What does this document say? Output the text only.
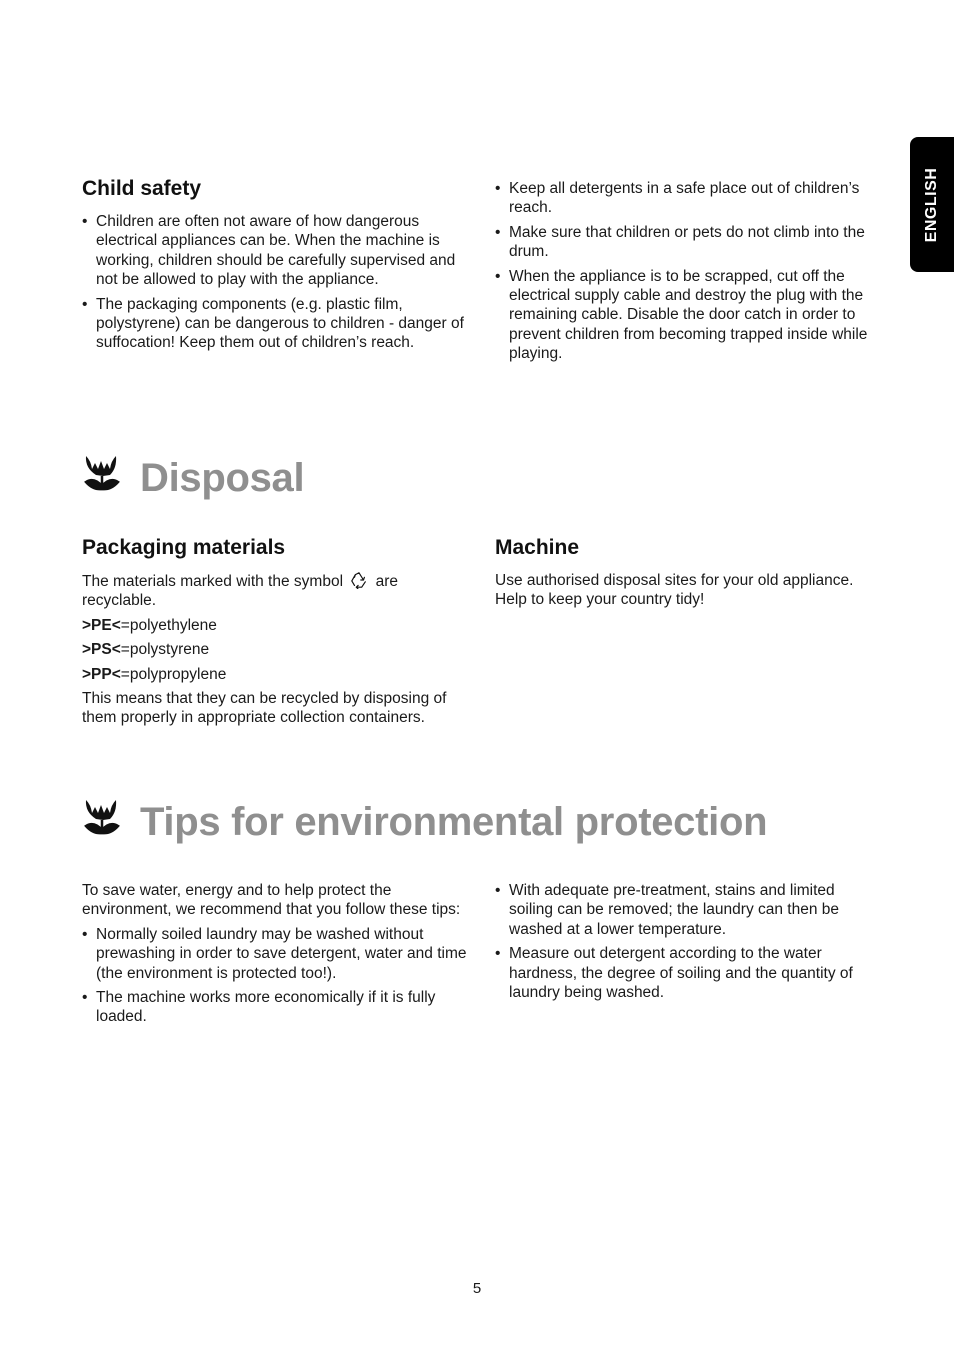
ENGLISH
Child safety
• Children are often not aware of how dangerous electrical appliances can be. When the machine is working, children should be carefully supervised and not be allowed to play with the appliance.
• The packaging components (e.g. plastic film, polystyrene) can be dangerous to children - danger of suffocation! Keep them out of children’s reach.
• Keep all detergents in a safe place out of children’s reach.
• Make sure that children or pets do not climb into the drum.
• When the appliance is to be scrapped, cut off the electrical supply cable and destroy the plug with the remaining cable. Disable the door catch in order to prevent children from becoming trapped inside while playing.
Disposal
Packaging materials

The materials marked with the symbol are recyclable.

>PE<=polyethylene

>PS<=polystyrene

>PP<=polypropylene

This means that they can be recycled by disposing of them properly in appropriate collection containers.

Machine

Use authorised disposal sites for your old appliance. Help to keep your country tidy!

Tips for environmental protection

To save water, energy and to help protect the environment, we recommend that you follow these tips:

• Normally soiled laundry may be washed without prewashing in order to save detergent, water and time (the environment is protected too!).
• The machine works more economically if it is fully loaded.
• With adequate pre-treatment, stains and limited soiling can be removed; the laundry can then be washed at a lower temperature.
• Measure out detergent according to the water hardness, the degree of soiling and the quantity of laundry being washed.
5
